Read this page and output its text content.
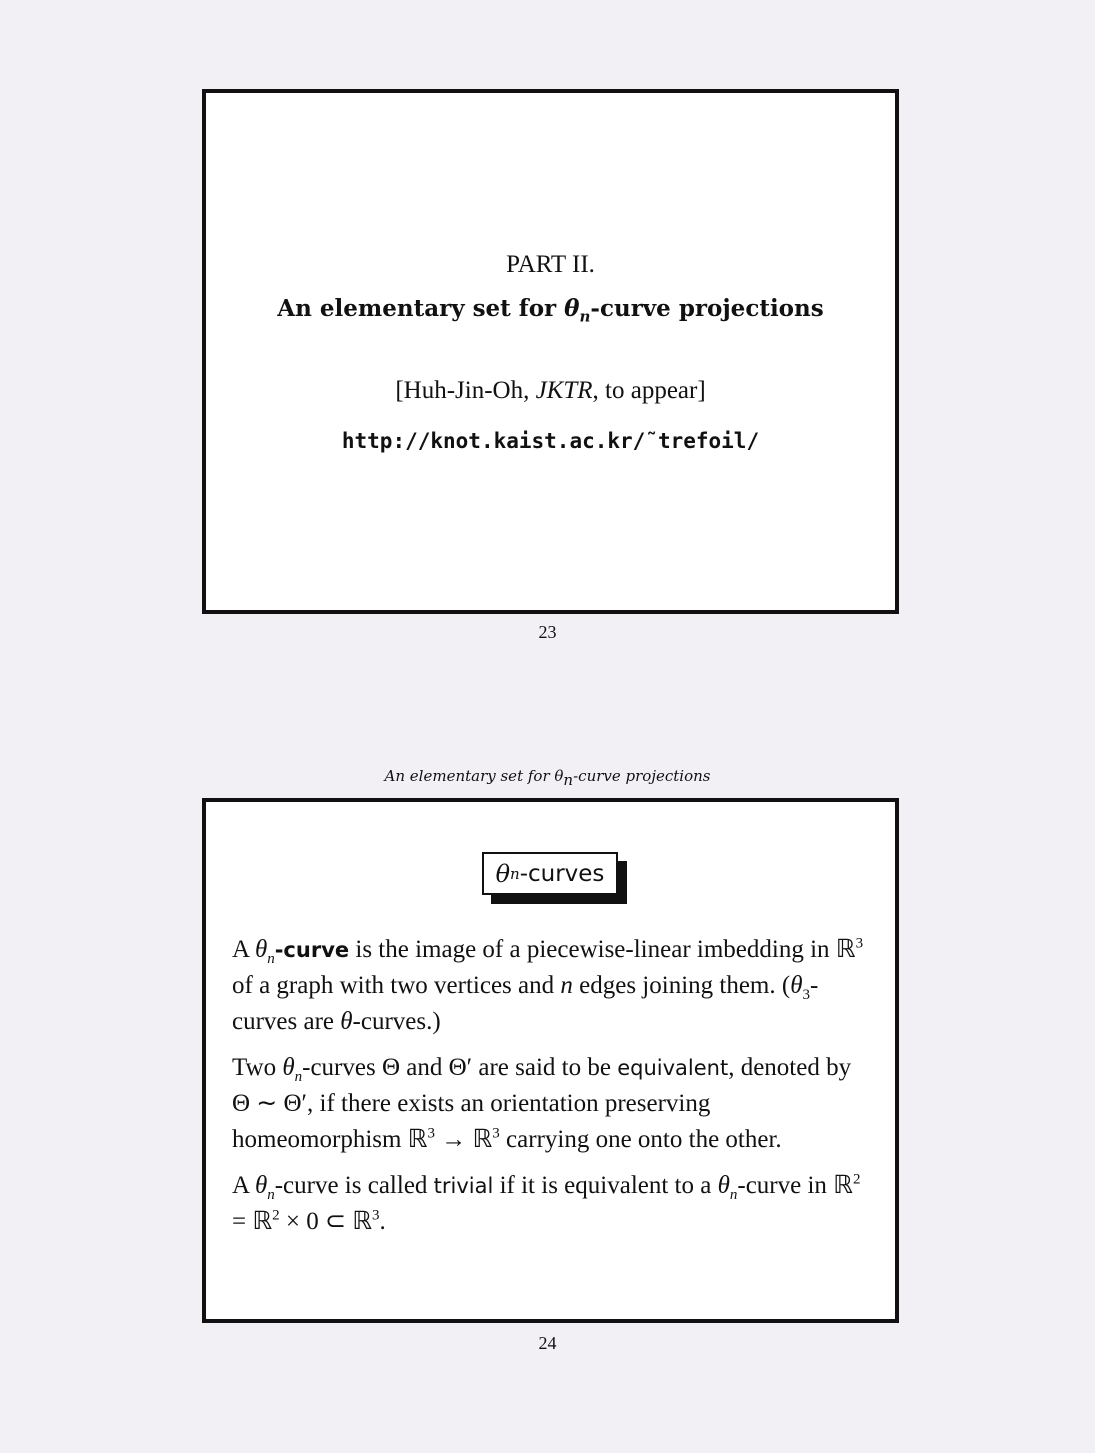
PART II.
An elementary set for $\theta_n$-curve projections
[Huh-Jin-Oh, JKTR, to appear]
http://knot.kaist.ac.kr/˜trefoil/
23
An elementary set for $\theta_n$-curve projections
θ n -curves

A $\theta_n$-curve is the image of a piecewise-linear imbedding in ℝ$^3$ of a graph with two vertices and n edges joining them. ($\theta_3$-curves are θ-curves.)

Two $\theta_n$-curves Θ and Θ′ are said to be equivalent, denoted by Θ ∼ Θ′, if there exists an orientation preserving homeomorphism ℝ$^3$ → ℝ$^3$ carrying one onto the other.

A $\theta_n$-curve is called trivial if it is equivalent to a $\theta_n$-curve in ℝ$^2$ = ℝ$^2$ × 0 ⊂ ℝ$^3$.

24
